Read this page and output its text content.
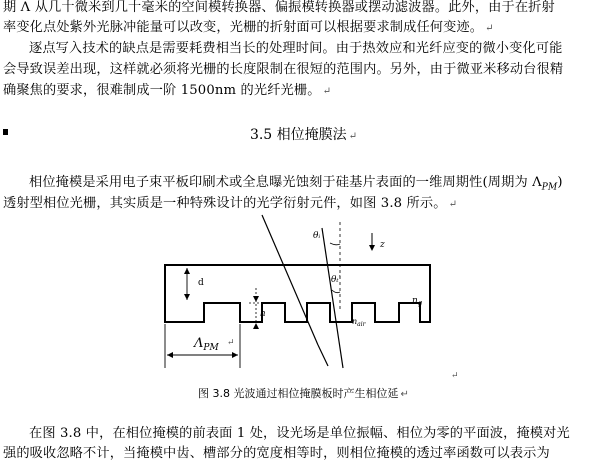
期 Λ 从几十微米到几十毫米的空间模转换器、偏振模转换器或摆动滤波器。此外，由于在折射
率变化点处紫外光脉冲能量可以改变，光栅的折射面可以根据要求制成任何变迹。 ↵
逐点写入技术的缺点是需要耗费相当长的处理时间。由于热效应和光纤应变的微小变化可能
会导致误差出现，这样就必须将光栅的长度限制在很短的范围内。另外，由于微亚米移动台很精
确聚焦的要求，很难制成一阶 1500nm 的光纤光栅。 ↵
3.5 相位掩膜法 ↵
相位掩模是采用电子束平板印刷术或全息曝光蚀刻于硅基片表面的一维周期性(周期为 $\Lambda_{PM}$)
透射型相位光栅，其实质是一种特殊设计的光学衍射元件，如图 3.8 所示。 ↵
θᵢ
θₜ'
d
h
z
$n_g$
$n_{air}$
$\Lambda_{PM}$ ↵
↵
图 3.8 光波通过相位掩膜板时产生相位延 ↵
在图 3.8 中，在相位掩模的前表面 1 处，设光场是单位振幅、相位为零的平面波，掩模对光
强的吸收忽略不计，当掩模中齿、槽部分的宽度相等时，则相位掩模的透过率函数可以表示为
